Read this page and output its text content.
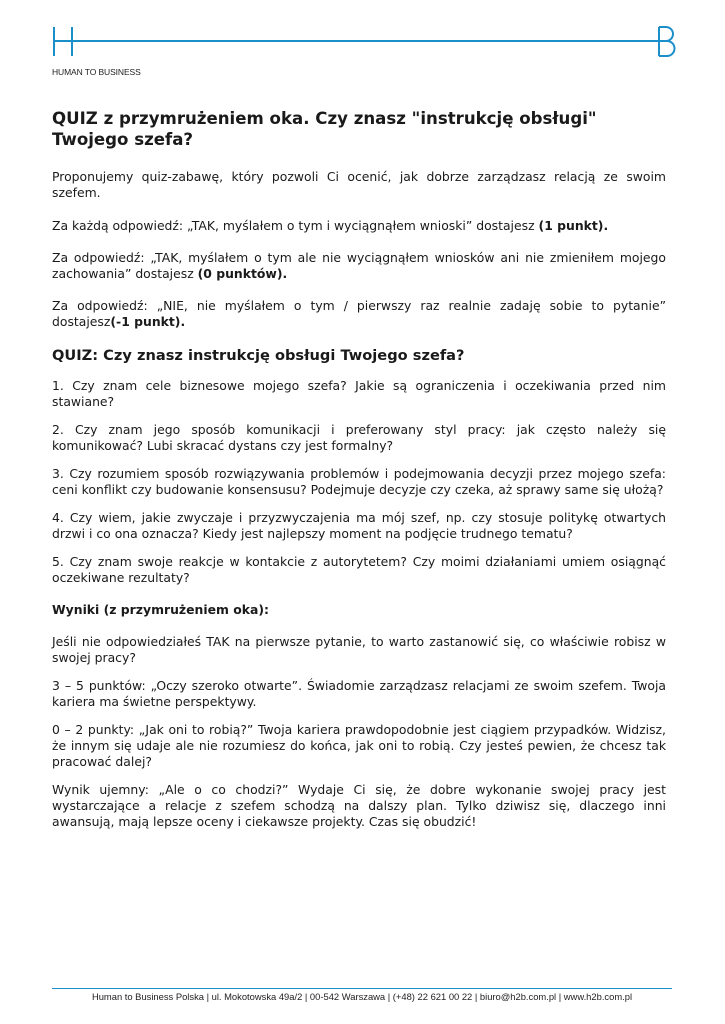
HUMAN TO BUSINESS
QUIZ z przymrużeniem oka. Czy znasz "instrukcję obsługi" Twojego szefa?

Proponujemy quiz-zabawę, który pozwoli Ci ocenić, jak dobrze zarządzasz relacją ze swoim szefem.

Za każdą odpowiedź: „TAK, myślałem o tym i wyciągnąłem wnioski” dostajesz (1 punkt).

Za odpowiedź: „TAK, myślałem o tym ale nie wyciągnąłem wniosków ani nie zmieniłem mojego zachowania” dostajesz (0 punktów).

Za odpowiedź: „NIE, nie myślałem o tym / pierwszy raz realnie zadaję sobie to pytanie” dostajesz(-1 punkt).

QUIZ: Czy znasz instrukcję obsługi Twojego szefa?

1. Czy znam cele biznesowe mojego szefa? Jakie są ograniczenia i oczekiwania przed nim stawiane?

2. Czy znam jego sposób komunikacji i preferowany styl pracy: jak często należy się komunikować? Lubi skracać dystans czy jest formalny?

3. Czy rozumiem sposób rozwiązywania problemów i podejmowania decyzji przez mojego szefa: ceni konflikt czy budowanie konsensusu? Podejmuje decyzje czy czeka, aż sprawy same się ułożą?

4. Czy wiem, jakie zwyczaje i przyzwyczajenia ma mój szef, np. czy stosuje politykę otwartych drzwi i co ona oznacza? Kiedy jest najlepszy moment na podjęcie trudnego tematu?

5. Czy znam swoje reakcje w kontakcie z autorytetem? Czy moimi działaniami umiem osiągnąć oczekiwane rezultaty?

Wyniki (z przymrużeniem oka):

Jeśli nie odpowiedziałeś TAK na pierwsze pytanie, to warto zastanowić się, co właściwie robisz w swojej pracy?

3 – 5 punktów: „Oczy szeroko otwarte”. Świadomie zarządzasz relacjami ze swoim szefem. Twoja kariera ma świetne perspektywy.

0 – 2 punkty: „Jak oni to robią?” Twoja kariera prawdopodobnie jest ciągiem przypadków. Widzisz, że innym się udaje ale nie rozumiesz do końca, jak oni to robią. Czy jesteś pewien, że chcesz tak pracować dalej?

Wynik ujemny: „Ale o co chodzi?” Wydaje Ci się, że dobre wykonanie swojej pracy jest wystarczające a relacje z szefem schodzą na dalszy plan. Tylko dziwisz się, dlaczego inni awansują, mają lepsze oceny i ciekawsze projekty. Czas się obudzić!

Human to Business Polska | ul. Mokotowska 49a/2 | 00-542 Warszawa | (+48) 22 621 00 22 | biuro@h2b.com.pl | www.h2b.com.pl
